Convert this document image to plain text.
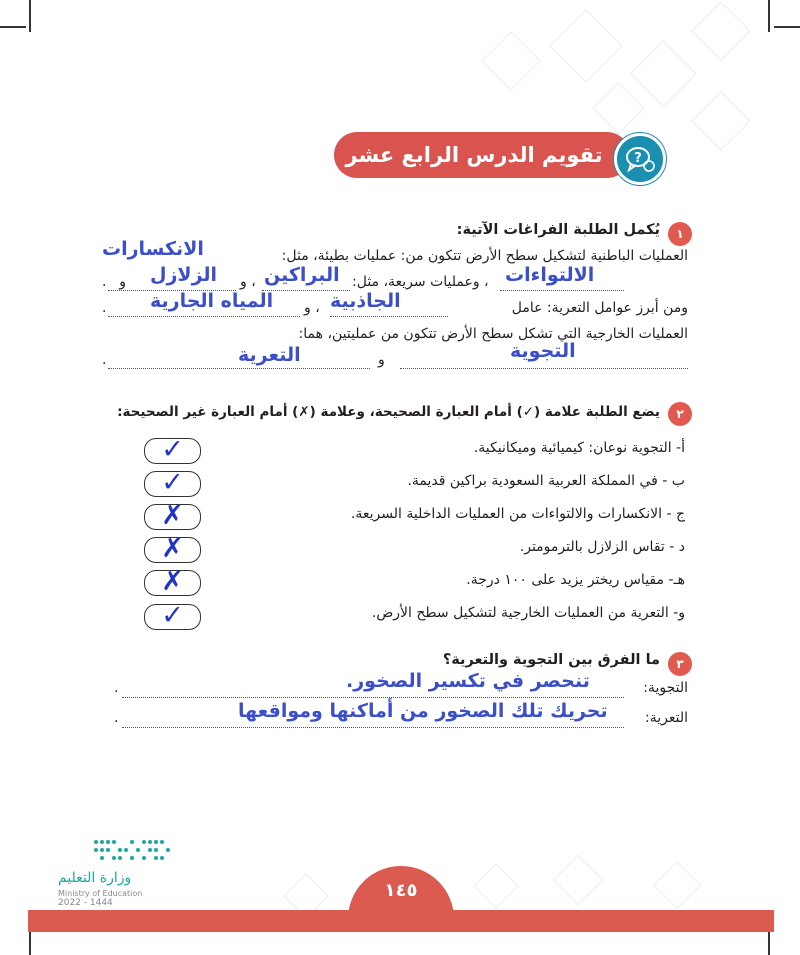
تقويم الدرس الرابع عشر	?
١
يُكمل الطلبة الفراغات الآتية:
العمليات الباطنية لتشكيل سطح الأرض تتكون من: عمليات بطيئة، مثل:
الانكسارات
و	الالتواءات
، وعمليات سريعة، مثل:
البراكين
، و
الزلازل
.
ومن أبرز عوامل التعرية: عامل
الجاذبية
، و
المياه الجارية
.
العمليات الخارجية التي تشكل سطح الأرض تتكون من عمليتين، هما:
التجوية
و
التعرية
.
٢
يضع الطلبة علامة (✓) أمام العبارة الصحيحة، وعلامة (✗) أمام العبارة غير الصحيحة:
أ- التجوية نوعان: كيميائية وميكانيكية.
✓
ب - في المملكة العربية السعودية براكين قديمة.
✓
ج - الانكسارات والالتواءات من العمليات الداخلية السريعة.
✗
د - تقاس الزلازل بالترمومتر.
✗
هـ- مقياس ريختر يزيد على ١٠٠ درجة.
✗
و- التعرية من العمليات الخارجية لتشكيل سطح الأرض.
✓
٣
ما الفرق بين التجوية والتعرية؟
التجوية:
تنحصر في تكسير الصخور.
.
التعرية:
تحريك تلك الصخور من أماكنها ومواقعها
.
وزارة التعليم
Ministry of Education
2022 - 1444
١٤٥
